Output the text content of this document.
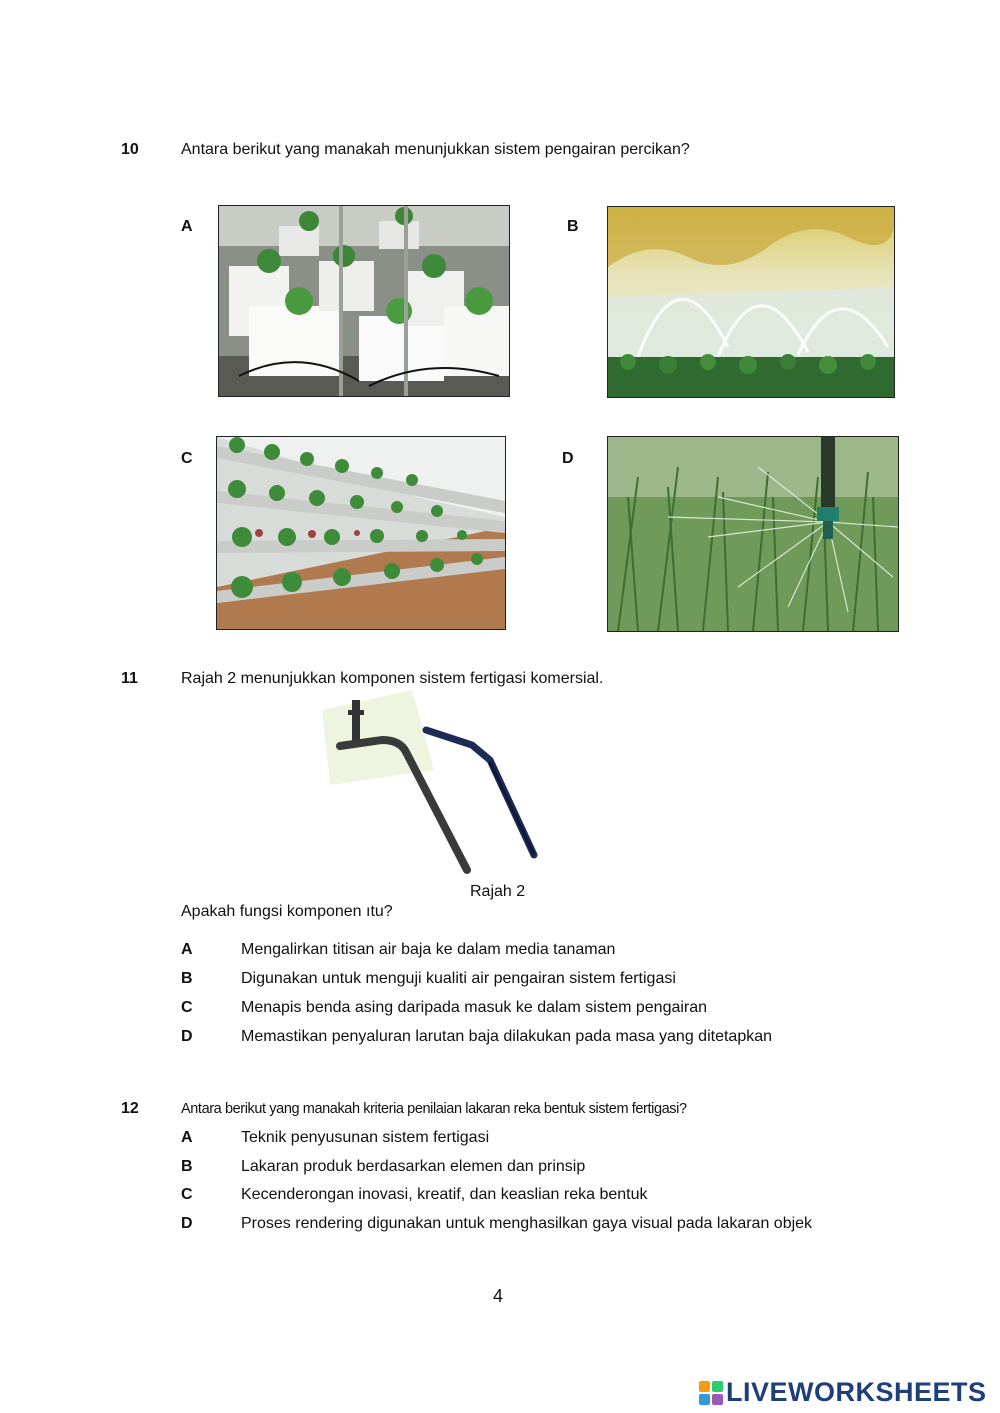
10	Antara berikut yang manakah menunjukkan sistem pengairan percikan?
A	B
C	D
11	Rajah 2 menunjukkan komponen sistem fertigasi komersial.
Rajah 2
Apakah fungsi komponen ıtu?
A	Mengalirkan titisan air baja ke dalam media tanaman
B	Digunakan untuk menguji kualiti air pengairan sistem fertigasi
C	Menapis benda asing daripada masuk ke dalam sistem pengairan
D	Memastikan penyaluran larutan baja dilakukan pada masa yang ditetapkan
12	Antara berikut yang manakah kriteria penilaian lakaran reka bentuk sistem fertigasi?
A	Teknik penyusunan sistem fertigasi
B	Lakaran produk berdasarkan elemen dan prinsip
C	Kecenderongan inovasi, kreatif, dan keaslian reka bentuk
D	Proses rendering digunakan untuk menghasilkan gaya visual pada lakaran objek
4
LIVEWORKSHEETS
